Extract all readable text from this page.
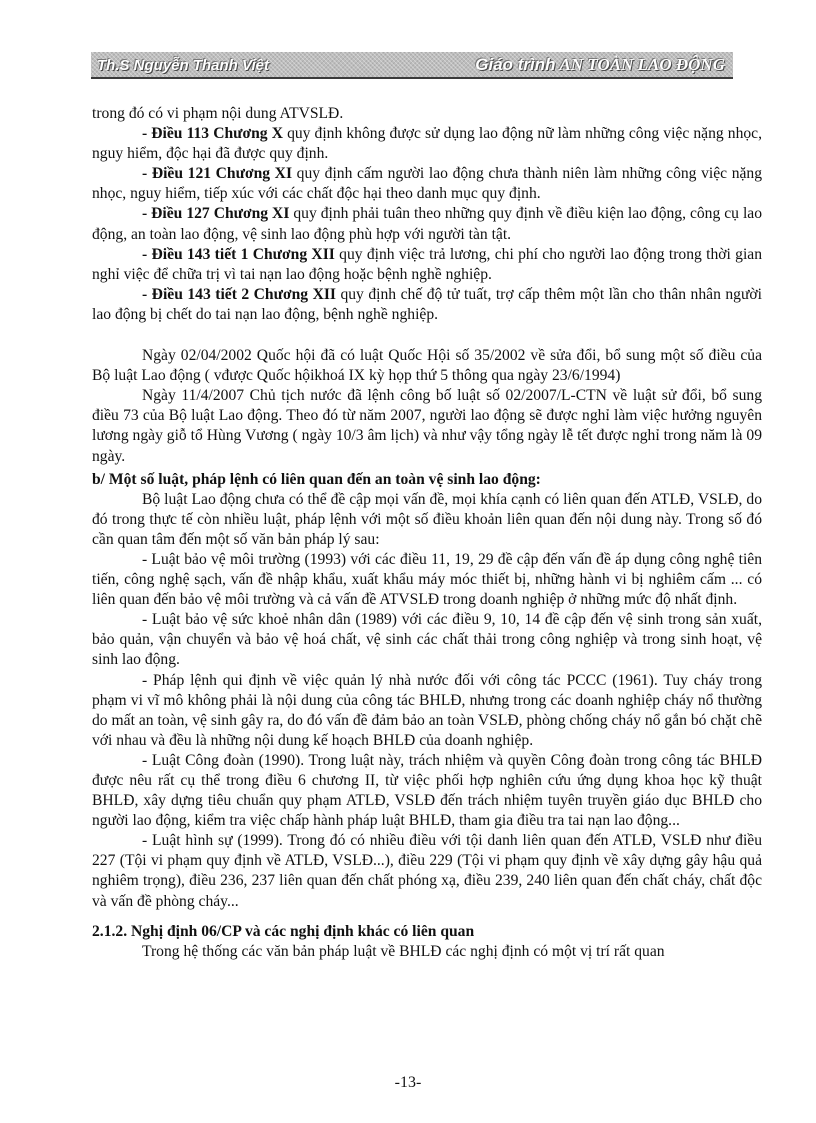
Th.S Nguyễn Thanh Việt	Giáo trình AN TOÀN LAO ĐỘNG

trong đó có vi phạm nội dung ATVSLĐ.

- Điều 113 Chương X quy định không được sử dụng lao động nữ làm những công việc nặng nhọc, nguy hiểm, độc hại đã được quy định.

- Điều 121 Chương XI quy định cấm người lao động chưa thành niên làm những công việc nặng nhọc, nguy hiểm, tiếp xúc với các chất độc hại theo danh mục quy định.

- Điều 127 Chương XI quy định phải tuân theo những quy định về điều kiện lao động, công cụ lao động, an toàn lao động, vệ sinh lao động phù hợp với người tàn tật.

- Điều 143 tiết 1 Chương XII quy định việc trả lương, chi phí cho người lao động trong thời gian nghỉ việc để chữa trị vì tai nạn lao động hoặc bệnh nghề nghiệp.

- Điều 143 tiết 2 Chương XII quy định chế độ tử tuất, trợ cấp thêm một lần cho thân nhân người lao động bị chết do tai nạn lao động, bệnh nghề nghiệp.

Ngày 02/04/2002 Quốc hội đã có luật Quốc Hội số 35/2002 về sửa đổi, bổ sung một số điều của Bộ luật Lao động ( vđược Quốc hộikhoá IX kỳ họp thứ 5 thông qua ngày 23/6/1994)

Ngày 11/4/2007 Chủ tịch nước đã lệnh công bố luật số 02/2007/L-CTN về luật sử đổi, bổ sung điều 73 của Bộ luật Lao động. Theo đó từ năm 2007, người lao động sẽ được nghỉ làm việc hưởng nguyên lương ngày giỗ tổ Hùng Vương ( ngày 10/3 âm lịch) và như vậy tổng ngày lễ tết được nghỉ trong năm là 09 ngày.

b/ Một số luật, pháp lệnh có liên quan đến an toàn vệ sinh lao động:

Bộ luật Lao động chưa có thể đề cập mọi vấn đề, mọi khía cạnh có liên quan đến ATLĐ, VSLĐ, do đó trong thực tế còn nhiều luật, pháp lệnh với một số điều khoản liên quan đến nội dung này. Trong số đó cần quan tâm đến một số văn bản pháp lý sau:

- Luật bảo vệ môi trường (1993) với các điều 11, 19, 29 đề cập đến vấn đề áp dụng công nghệ tiên tiến, công nghệ sạch, vấn đề nhập khẩu, xuất khẩu máy móc thiết bị, những hành vi bị nghiêm cấm ... có liên quan đến bảo vệ môi trường và cả vấn đề ATVSLĐ trong doanh nghiệp ở những mức độ nhất định.

- Luật bảo vệ sức khoẻ nhân dân (1989) với các điều 9, 10, 14 đề cập đến vệ sinh trong sản xuất, bảo quản, vận chuyển và bảo vệ hoá chất, vệ sinh các chất thải trong công nghiệp và trong sinh hoạt, vệ sinh lao động.

- Pháp lệnh qui định về việc quản lý nhà nước đối với công tác PCCC (1961). Tuy cháy trong phạm vi vĩ mô không phải là nội dung của công tác BHLĐ, nhưng trong các doanh nghiệp cháy nổ thường do mất an toàn, vệ sinh gây ra, do đó vấn đề đảm bảo an toàn VSLĐ, phòng chống cháy nổ gắn bó chặt chẽ với nhau và đều là những nội dung kế hoạch BHLĐ của doanh nghiệp.

- Luật Công đoàn (1990). Trong luật này, trách nhiệm và quyền Công đoàn trong công tác BHLĐ được nêu rất cụ thể trong điều 6 chương II, từ việc phối hợp nghiên cứu ứng dụng khoa học kỹ thuật BHLĐ, xây dựng tiêu chuẩn quy phạm ATLĐ, VSLĐ đến trách nhiệm tuyên truyền giáo dục BHLĐ cho người lao động, kiểm tra việc chấp hành pháp luật BHLĐ, tham gia điều tra tai nạn lao động...

- Luật hình sự (1999). Trong đó có nhiều điều với tội danh liên quan đến ATLĐ, VSLĐ như điều 227 (Tội vi phạm quy định về ATLĐ, VSLĐ...), điều 229 (Tội vi phạm quy định về xây dựng gây hậu quả nghiêm trọng), điều 236, 237 liên quan đến chất phóng xạ, điều 239, 240 liên quan đến chất cháy, chất độc và vấn đề phòng cháy...

2.1.2. Nghị định 06/CP và các nghị định khác có liên quan

Trong hệ thống các văn bản pháp luật về BHLĐ các nghị định có một vị trí rất quan

-13-
